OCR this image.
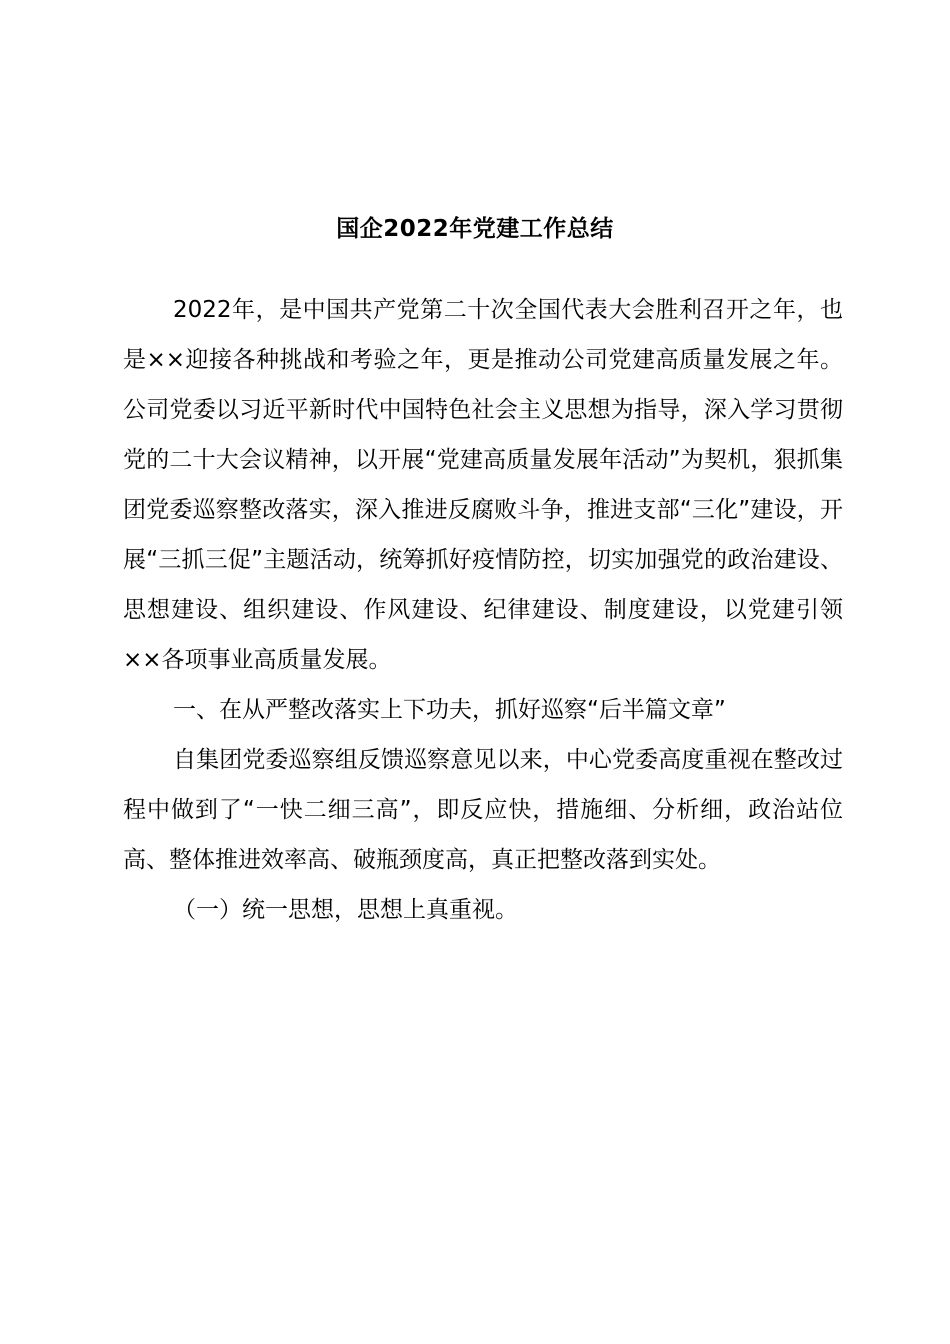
国企2022年党建工作总结

2022年，是中国共产党第二十次全国代表大会胜利召开之年，也是××迎接各种挑战和考验之年，更是推动公司党建高质量发展之年。公司党委以习近平新时代中国特色社会主义思想为指导，深入学习贯彻党的二十大会议精神，以开展“党建高质量发展年活动”为契机，狠抓集团党委巡察整改落实，深入推进反腐败斗争，推进支部“三化”建设，开展“三抓三促”主题活动，统筹抓好疫情防控，切实加强党的政治建设、思想建设、组织建设、作风建设、纪律建设、制度建设，以党建引领××各项事业高质量发展。

一、在从严整改落实上下功夫，抓好巡察“后半篇文章”

自集团党委巡察组反馈巡察意见以来，中心党委高度重视在整改过程中做到了“一快二细三高”，即反应快，措施细、分析细，政治站位高、整体推进效率高、破瓶颈度高，真正把整改落到实处。

（一）统一思想，思想上真重视。
